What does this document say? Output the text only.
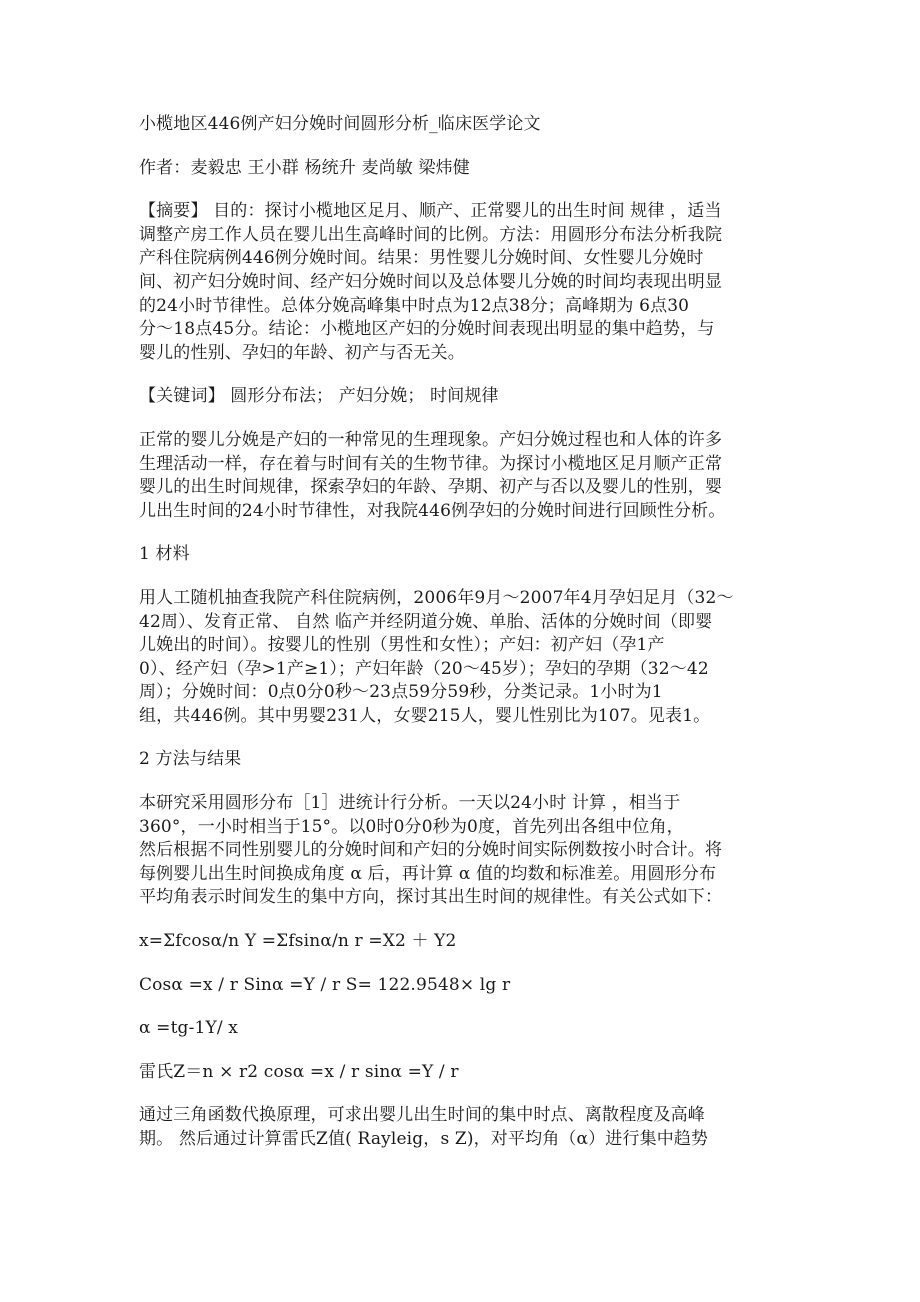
小榄地区446例产妇分娩时间圆形分析_临床医学论文

作者：麦毅忠 王小群 杨统升 麦尚敏 梁炜健

【摘要】 目的：探讨小榄地区足月、顺产、正常婴儿的出生时间 规律 ，适当

调整产房工作人员在婴儿出生高峰时间的比例。方法：用圆形分布法分析我院

产科住院病例446例分娩时间。结果：男性婴儿分娩时间、女性婴儿分娩时

间、初产妇分娩时间、经产妇分娩时间以及总体婴儿分娩的时间均表现出明显

的24小时节律性。总体分娩高峰集中时点为12点38分；高峰期为 6点30

分～18点45分。结论：小榄地区产妇的分娩时间表现出明显的集中趋势，与

婴儿的性别、孕妇的年龄、初产与否无关。

【关键词】 圆形分布法； 产妇分娩； 时间规律

正常的婴儿分娩是产妇的一种常见的生理现象。产妇分娩过程也和人体的许多

生理活动一样，存在着与时间有关的生物节律。为探讨小榄地区足月顺产正常

婴儿的出生时间规律，探索孕妇的年龄、孕期、初产与否以及婴儿的性别，婴

儿出生时间的24小时节律性，对我院446例孕妇的分娩时间进行回顾性分析。

1 材料

用人工随机抽查我院产科住院病例，2006年9月～2007年4月孕妇足月（32～

42周）、发育正常、 自然 临产并经阴道分娩、单胎、活体的分娩时间（即婴

儿娩出的时间）。按婴儿的性别（男性和女性）；产妇：初产妇（孕1产

0）、经产妇（孕>1产≥1）；产妇年龄（20～45岁）；孕妇的孕期（32～42

周）；分娩时间：0点0分0秒～23点59分59秒，分类记录。1小时为1

组，共446例。其中男婴231人，女婴215人，婴儿性别比为107。见表1。

2 方法与结果

本研究采用圆形分布［1］进统计行分析。一天以24小时 计算 ，相当于

360°，一小时相当于15°。以0时0分0秒为0度，首先列出各组中位角，

然后根据不同性别婴儿的分娩时间和产妇的分娩时间实际例数按小时合计。将

每例婴儿出生时间换成角度 α 后，再计算 α 值的均数和标准差。用圆形分布

平均角表示时间发生的集中方向，探讨其出生时间的规律性。有关公式如下：

x=Σfcosα/n Y =Σfsinα/n r =X2 ＋ Y2

Cosα =x / r Sinα =Y / r S= 122.9548× lg r

α =tg-1Y/ x

雷氏Z＝n × r2 cosα =x / r sinα =Y / r

通过三角函数代换原理，可求出婴儿出生时间的集中时点、离散程度及高峰

期。 然后通过计算雷氏Z值( Rayleig，s Z)，对平均角（α）进行集中趋势
